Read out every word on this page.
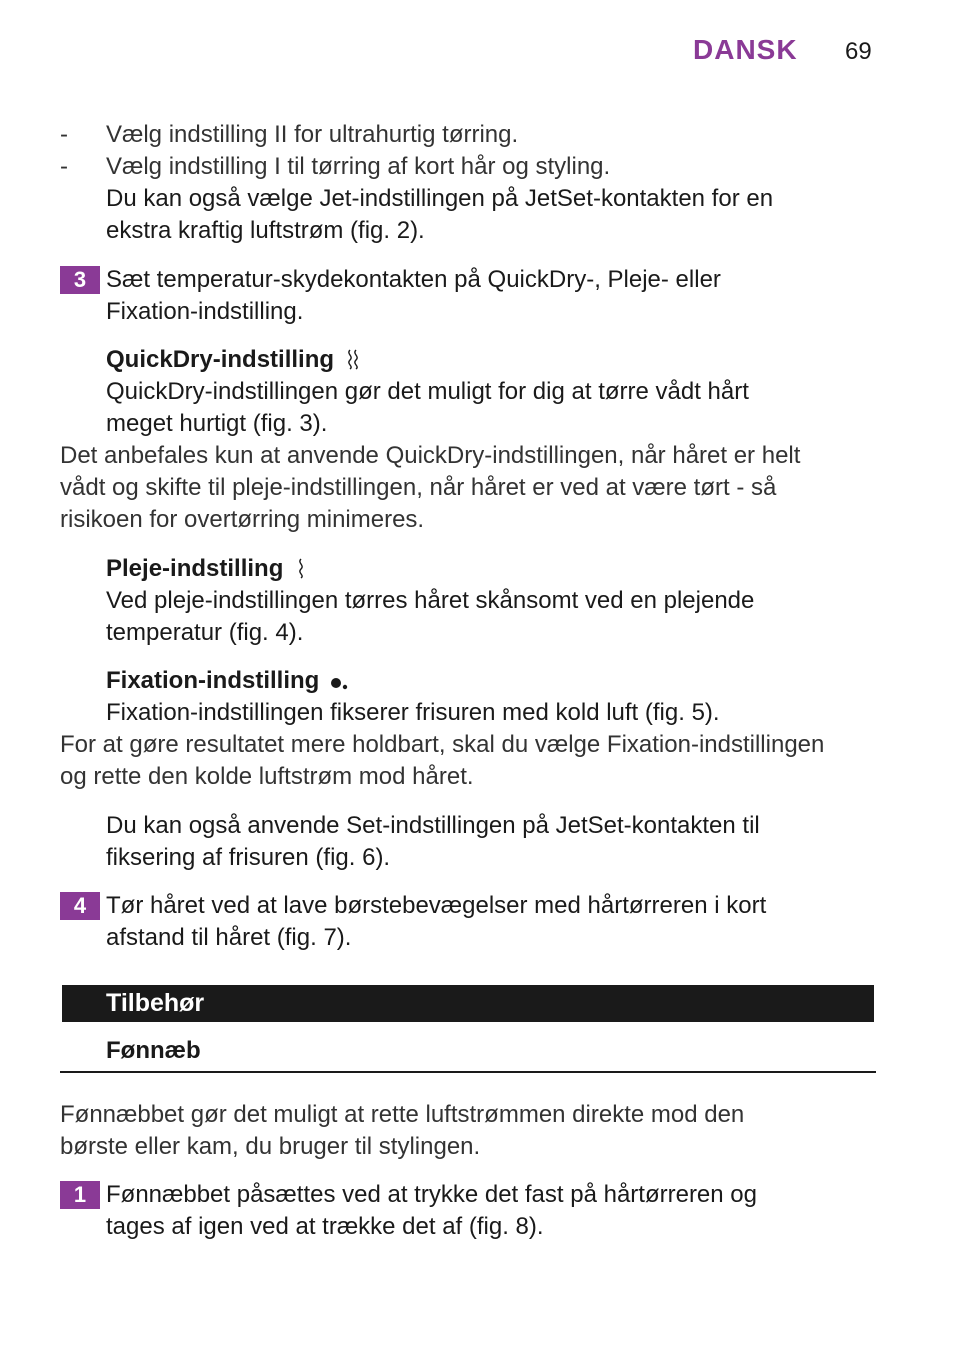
DANSK 69
- Vælg indstilling II for ultrahurtig tørring.
- Vælg indstilling I til tørring af kort hår og styling.
Du kan også vælge Jet-indstillingen på JetSet-kontakten for en
ekstra kraftig luftstrøm (fig. 2).
3 Sæt temperatur-skydekontakten på QuickDry-, Pleje- eller
Fixation-indstilling.
QuickDry-indstilling
QuickDry-indstillingen gør det muligt for dig at tørre vådt hårt
meget hurtigt (fig. 3).
Det anbefales kun at anvende QuickDry-indstillingen, når håret er helt
vådt og skifte til pleje-indstillingen, når håret er ved at være tørt - så
risikoen for overtørring minimeres.
Pleje-indstilling
Ved pleje-indstillingen tørres håret skånsomt ved en plejende
temperatur (fig. 4).
Fixation-indstilling
Fixation-indstillingen fikserer frisuren med kold luft (fig. 5).
For at gøre resultatet mere holdbart, skal du vælge Fixation-indstillingen
og rette den kolde luftstrøm mod håret.
Du kan også anvende Set-indstillingen på JetSet-kontakten til
fiksering af frisuren (fig. 6).
4 Tør håret ved at lave børstebevægelser med hårtørreren i kort
afstand til håret (fig. 7).
Tilbehør
Fønnæb
Fønnæbbet gør det muligt at rette luftstrømmen direkte mod den
børste eller kam, du bruger til stylingen.
1 Fønnæbbet påsættes ved at trykke det fast på hårtørreren og
tages af igen ved at trække det af (fig. 8).
